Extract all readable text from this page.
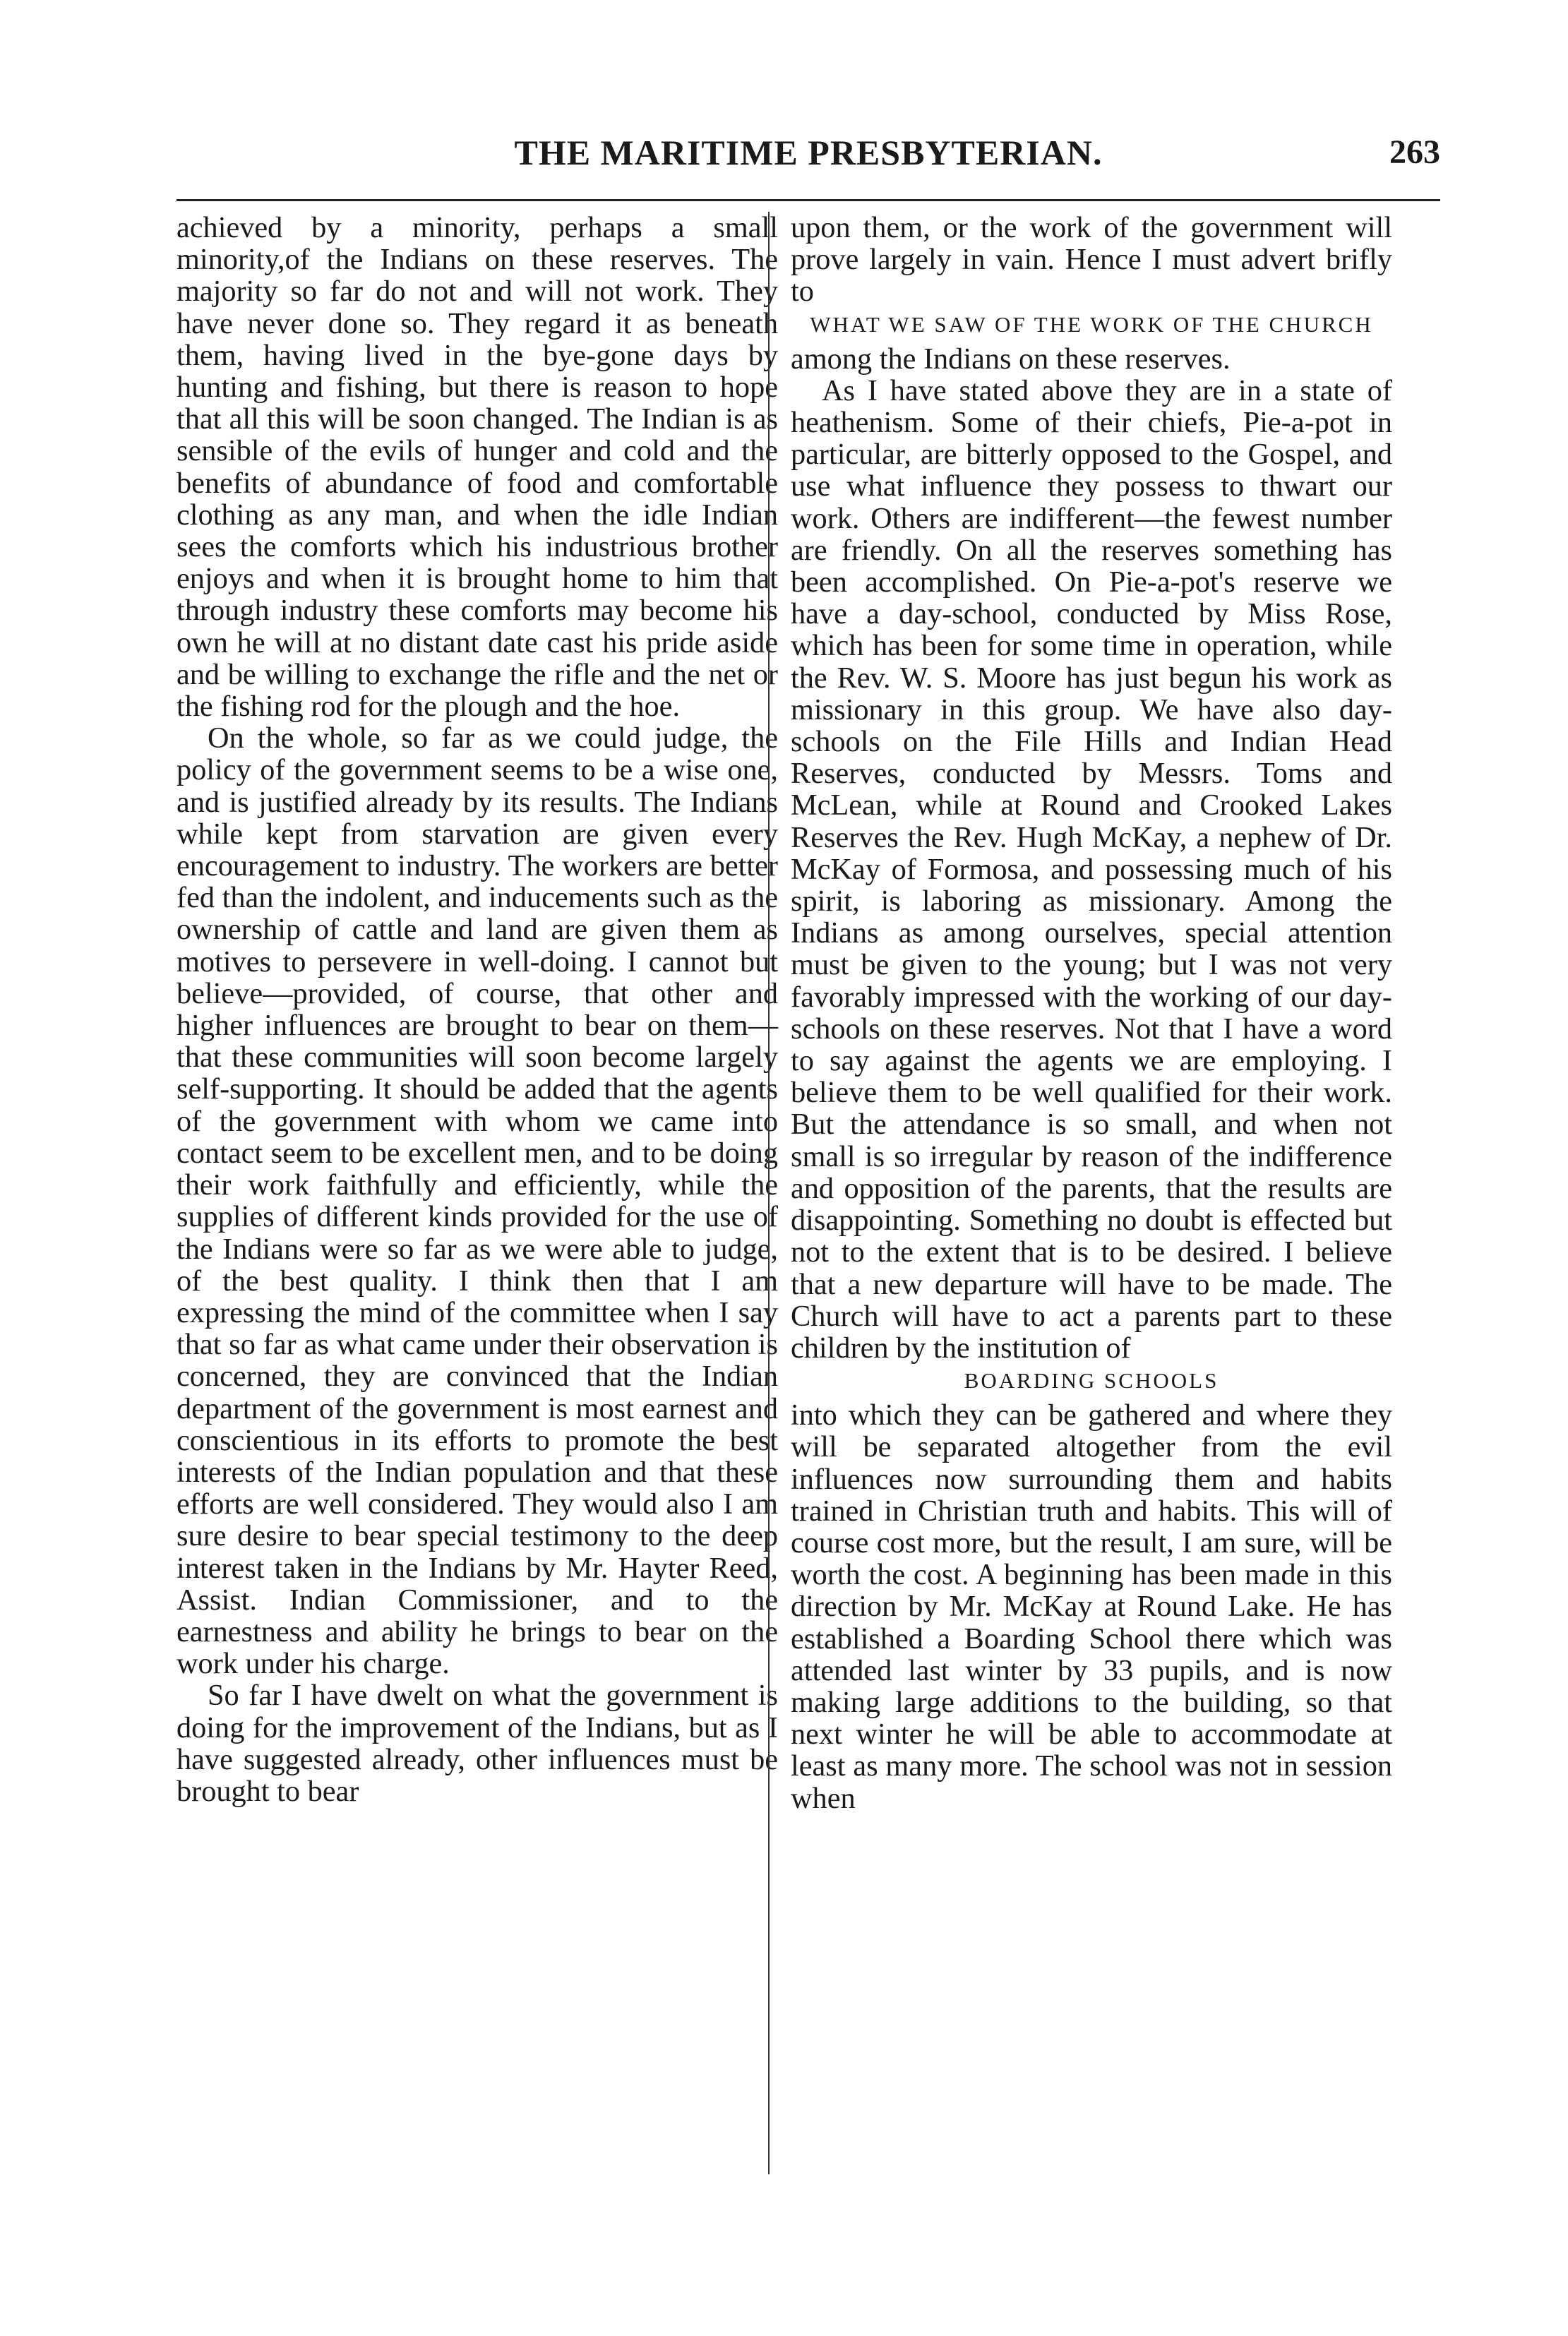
THE MARITIME PRESBYTERIAN.	263

achieved by a minority, perhaps a small minority,of the Indians on these reserves. The majority so far do not and will not work. They have never done so. They regard it as beneath them, having lived in the bye-gone days by hunting and fishing, but there is reason to hope that all this will be soon changed. The Indian is as sensible of the evils of hunger and cold and the benefits of abundance of food and comfortable clothing as any man, and when the idle Indian sees the comforts which his industrious brother enjoys and when it is brought home to him that through industry these comforts may become his own he will at no distant date cast his pride aside and be willing to exchange the rifle and the net or the fishing rod for the plough and the hoe.

On the whole, so far as we could judge, the policy of the government seems to be a wise one, and is justified already by its results. The Indians while kept from starvation are given every encouragement to industry. The workers are better fed than the indolent, and inducements such as the ownership of cattle and land are given them as motives to persevere in well-doing. I cannot but believe—provided, of course, that other and higher influences are brought to bear on them—that these communities will soon become largely self-supporting. It should be added that the agents of the government with whom we came into contact seem to be excellent men, and to be doing their work faithfully and efficiently, while the supplies of different kinds provided for the use of the Indians were so far as we were able to judge, of the best quality. I think then that I am expressing the mind of the committee when I say that so far as what came under their observation is concerned, they are convinced that the Indian department of the government is most earnest and conscientious in its efforts to promote the best interests of the Indian population and that these efforts are well considered. They would also I am sure desire to bear special testimony to the deep interest taken in the Indians by Mr. Hayter Reed, Assist. Indian Commissioner, and to the earnestness and ability he brings to bear on the work under his charge.

So far I have dwelt on what the government is doing for the improvement of the Indians, but as I have suggested already, other influences must be brought to bear

upon them, or the work of the government will prove largely in vain. Hence I must advert brifly to

WHAT WE SAW OF THE WORK OF THE CHURCH

among the Indians on these reserves.

As I have stated above they are in a state of heathenism. Some of their chiefs, Pie-a-pot in particular, are bitterly opposed to the Gospel, and use what influence they possess to thwart our work. Others are indifferent—the fewest number are friendly. On all the reserves something has been accomplished. On Pie-a-pot's reserve we have a day-school, conducted by Miss Rose, which has been for some time in operation, while the Rev. W. S. Moore has just begun his work as missionary in this group. We have also day-schools on the File Hills and Indian Head Reserves, conducted by Messrs. Toms and McLean, while at Round and Crooked Lakes Reserves the Rev. Hugh McKay, a nephew of Dr. McKay of Formosa, and possessing much of his spirit, is laboring as missionary. Among the Indians as among ourselves, special attention must be given to the young; but I was not very favorably impressed with the working of our day-schools on these reserves. Not that I have a word to say against the agents we are employing. I believe them to be well qualified for their work. But the attendance is so small, and when not small is so irregular by reason of the indifference and opposition of the parents, that the results are disappointing. Something no doubt is effected but not to the extent that is to be desired. I believe that a new departure will have to be made. The Church will have to act a parents part to these children by the institution of

BOARDING SCHOOLS

into which they can be gathered and where they will be separated altogether from the evil influences now surrounding them and habits trained in Christian truth and habits. This will of course cost more, but the result, I am sure, will be worth the cost. A beginning has been made in this direction by Mr. McKay at Round Lake. He has established a Boarding School there which was attended last winter by 33 pupils, and is now making large additions to the building, so that next winter he will be able to accommodate at least as many more. The school was not in session when
